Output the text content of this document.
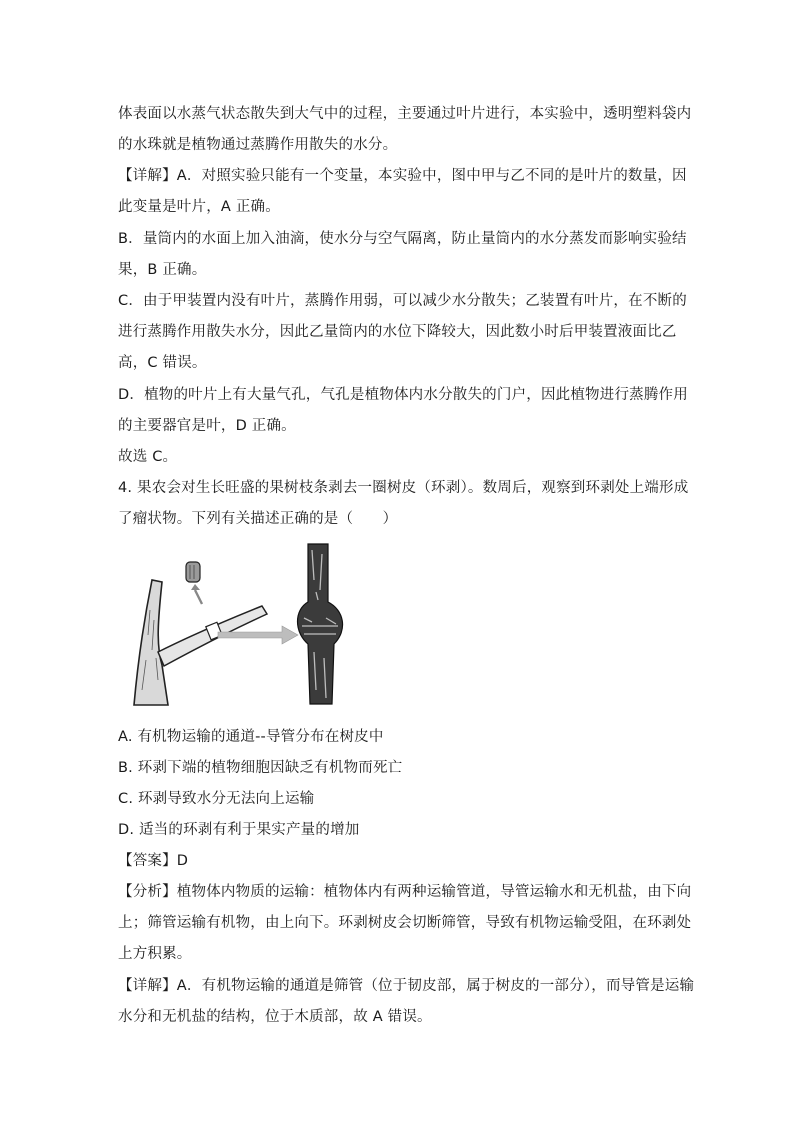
体表面以水蒸气状态散失到大气中的过程，主要通过叶片进行，本实验中，透明塑料袋内
的水珠就是植物通过蒸腾作用散失的水分。
【详解】A．对照实验只能有一个变量，本实验中，图中甲与乙不同的是叶片的数量，因
此变量是叶片，A 正确。
B．量筒内的水面上加入油滴，使水分与空气隔离，防止量筒内的水分蒸发而影响实验结
果，B 正确。
C．由于甲装置内没有叶片，蒸腾作用弱，可以减少水分散失；乙装置有叶片，在不断的
进行蒸腾作用散失水分，因此乙量筒内的水位下降较大，因此数小时后甲装置液面比乙
高，C 错误。
D．植物的叶片上有大量气孔，气孔是植物体内水分散失的门户，因此植物进行蒸腾作用
的主要器官是叶，D 正确。
故选 C。
4. 果农会对生长旺盛的果树枝条剥去一圈树皮（环剥）。数周后，观察到环剥处上端形成
了瘤状物。下列有关描述正确的是（　　）
A. 有机物运输的通道--导管分布在树皮中
B. 环剥下端的植物细胞因缺乏有机物而死亡
C. 环剥导致水分无法向上运输
D. 适当的环剥有利于果实产量的增加
【答案】D
【分析】植物体内物质的运输：植物体内有两种运输管道，导管运输水和无机盐，由下向
上；筛管运输有机物，由上向下。环剥树皮会切断筛管，导致有机物运输受阻，在环剥处
上方积累。
【详解】A．有机物运输的通道是筛管（位于韧皮部，属于树皮的一部分），而导管是运输
水分和无机盐的结构，位于木质部，故 A 错误。
